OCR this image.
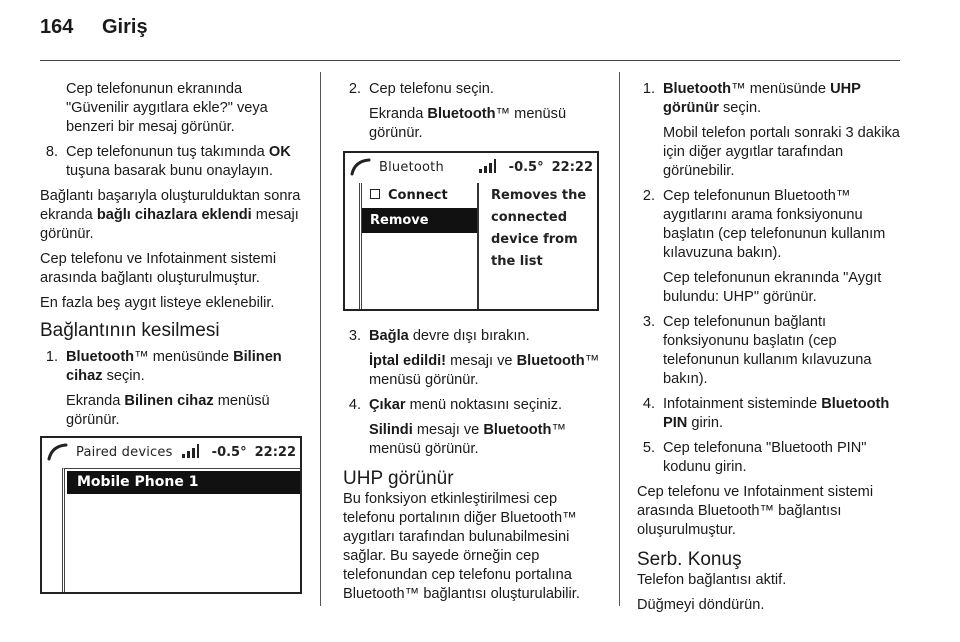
164 Giriş
Cep telefonunun ekranında "Güvenilir aygıtlara ekle?" veya benzeri bir mesaj görünür.
8. Cep telefonunun tuş takımında OK tuşuna basarak bunu onaylayın.
Bağlantı başarıyla oluşturulduktan sonra ekranda bağlı cihazlara eklendi mesajı görünür.
Cep telefonu ve Infotainment sistemi arasında bağlantı oluşturulmuştur.
En fazla beş aygıt listeye eklenebilir.
Bağlantının kesilmesi
1. Bluetooth™ menüsünde Bilinen cihaz seçin.
Ekranda Bilinen cihaz menüsü görünür.
Paired devices	-0.5° 22:22
Mobile Phone 1
2. Cep telefonu seçin.
Ekranda Bluetooth™ menüsü görünür.
Bluetooth	-0.5° 22:22
Connect
Remove
Removes the
connected
device from
the list
3. Bağla devre dışı bırakın.
İptal edildi! mesajı ve Bluetooth™ menüsü görünür.
4. Çıkar menü noktasını seçiniz.
Silindi mesajı ve Bluetooth™ menüsü görünür.
UHP görünür
Bu fonksiyon etkinleştirilmesi cep telefonu portalının diğer Bluetooth™ aygıtları tarafından bulunabilmesini sağlar. Bu sayede örneğin cep telefonundan cep telefonu portalına Bluetooth™ bağlantısı oluşturulabilir.
1. Bluetooth™ menüsünde UHP görünür seçin.
Mobil telefon portalı sonraki 3 dakika için diğer aygıtlar tarafından görünebilir.
2. Cep telefonunun Bluetooth™ aygıtlarını arama fonksiyonunu başlatın (cep telefonunun kullanım kılavuzuna bakın).
Cep telefonunun ekranında "Aygıt bulundu: UHP" görünür.
3. Cep telefonunun bağlantı fonksiyonunu başlatın (cep telefonunun kullanım kılavuzuna bakın).
4. Infotainment sisteminde Bluetooth PIN girin.
5. Cep telefonuna "Bluetooth PIN" kodunu girin.
Cep telefonu ve Infotainment sistemi arasında Bluetooth™ bağlantısı oluşurulmuştur.
Serb. Konuş
Telefon bağlantısı aktif.
Düğmeyi döndürün.
